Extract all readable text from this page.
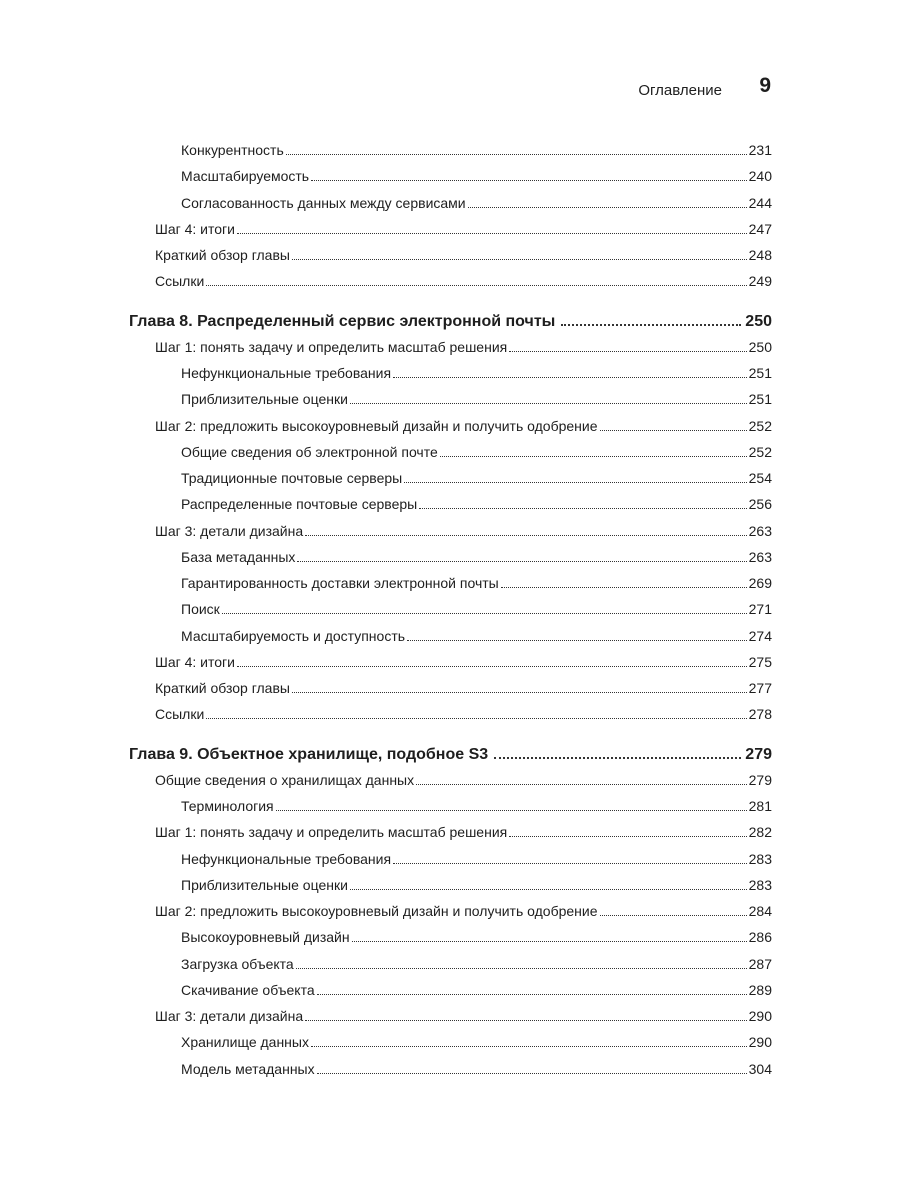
Оглавление 9
Конкурентность	231
Масштабируемость	240
Согласованность данных между сервисами	244
Шаг 4: итоги	247
Краткий обзор главы	248
Ссылки	249
Глава 8. Распределенный сервис электронной почты	250
Шаг 1: понять задачу и определить масштаб решения	250
Нефункциональные требования	251
Приблизительные оценки	251
Шаг 2: предложить высокоуровневый дизайн и получить одобрение	252
Общие сведения об электронной почте	252
Традиционные почтовые серверы	254
Распределенные почтовые серверы	256
Шаг 3: детали дизайна	263
База метаданных	263
Гарантированность доставки электронной почты	269
Поиск	271
Масштабируемость и доступность	274
Шаг 4: итоги	275
Краткий обзор главы	277
Ссылки	278
Глава 9. Объектное хранилище, подобное S3	279
Общие сведения о хранилищах данных	279
Терминология	281
Шаг 1: понять задачу и определить масштаб решения	282
Нефункциональные требования	283
Приблизительные оценки	283
Шаг 2: предложить высокоуровневый дизайн и получить одобрение	284
Высокоуровневый дизайн	286
Загрузка объекта	287
Скачивание объекта	289
Шаг 3: детали дизайна	290
Хранилище данных	290
Модель метаданных	304
